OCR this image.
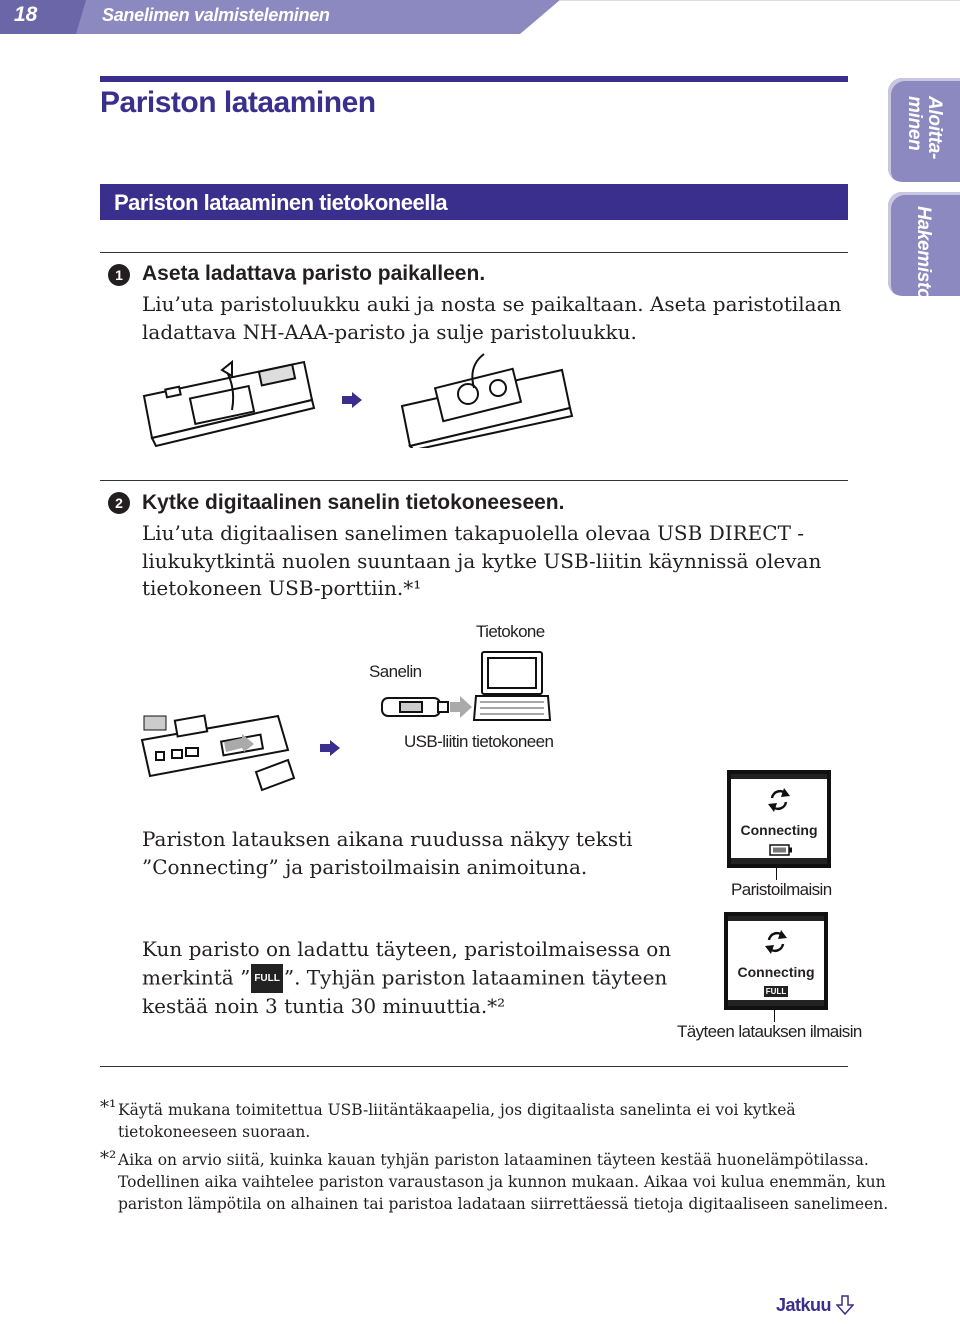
18	Sanelimen valmisteleminen
Aloitta-
minen
Hakemisto
Pariston lataaminen
Pariston lataaminen tietokoneella
1 Aseta ladattava paristo paikalleen.
Liu’uta paristoluukku auki ja nosta se paikaltaan. Aseta paristotilaan
ladattava NH-AAA-paristo ja sulje paristoluukku.
2 Kytke digitaalinen sanelin tietokoneeseen.
Liu’uta digitaalisen sanelimen takapuolella olevaa USB DIRECT -
liukukytkintä nuolen suuntaan ja kytke USB-liitin käynnissä olevan
tietokoneen USB-porttiin.*¹
Tietokone
Sanelin
USB-liitin tietokoneen
Pariston latauksen aikana ruudussa näkyy teksti
”Connecting” ja paristoilmaisin animoituna.
Connecting
Paristoilmaisin
Kun paristo on ladattu täyteen, paristoilmaisessa on
merkintä ” FULL ”. Tyhjän pariston lataaminen täyteen
kestää noin 3 tuntia 30 minuuttia.*²
Connecting
FULL
Täyteen latauksen ilmaisin
*¹ Käytä mukana toimitettua USB-liitäntäkaapelia, jos digitaalista sanelinta ei voi kytkeä
tietokoneeseen suoraan.
*² Aika on arvio siitä, kuinka kauan tyhjän pariston lataaminen täyteen kestää huonelämpötilassa.
Todellinen aika vaihtelee pariston varaustason ja kunnon mukaan. Aikaa voi kulua enemmän, kun
pariston lämpötila on alhainen tai paristoa ladataan siirrettäessä tietoja digitaaliseen sanelimeen.
Jatkuu
